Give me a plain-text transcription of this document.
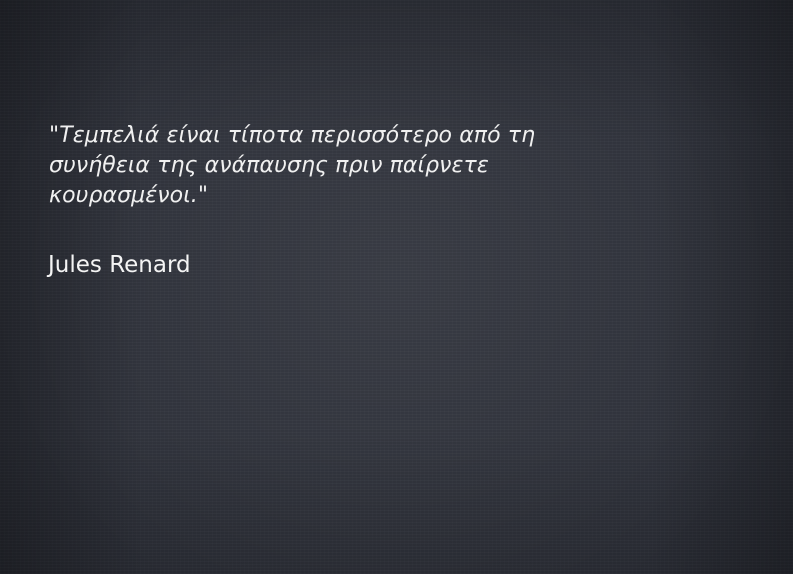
"Τεμπελιά είναι τίποτα περισσότερο από τη
συνήθεια της ανάπαυσης πριν παίρνετε
κουρασμένοι."

Jules Renard
